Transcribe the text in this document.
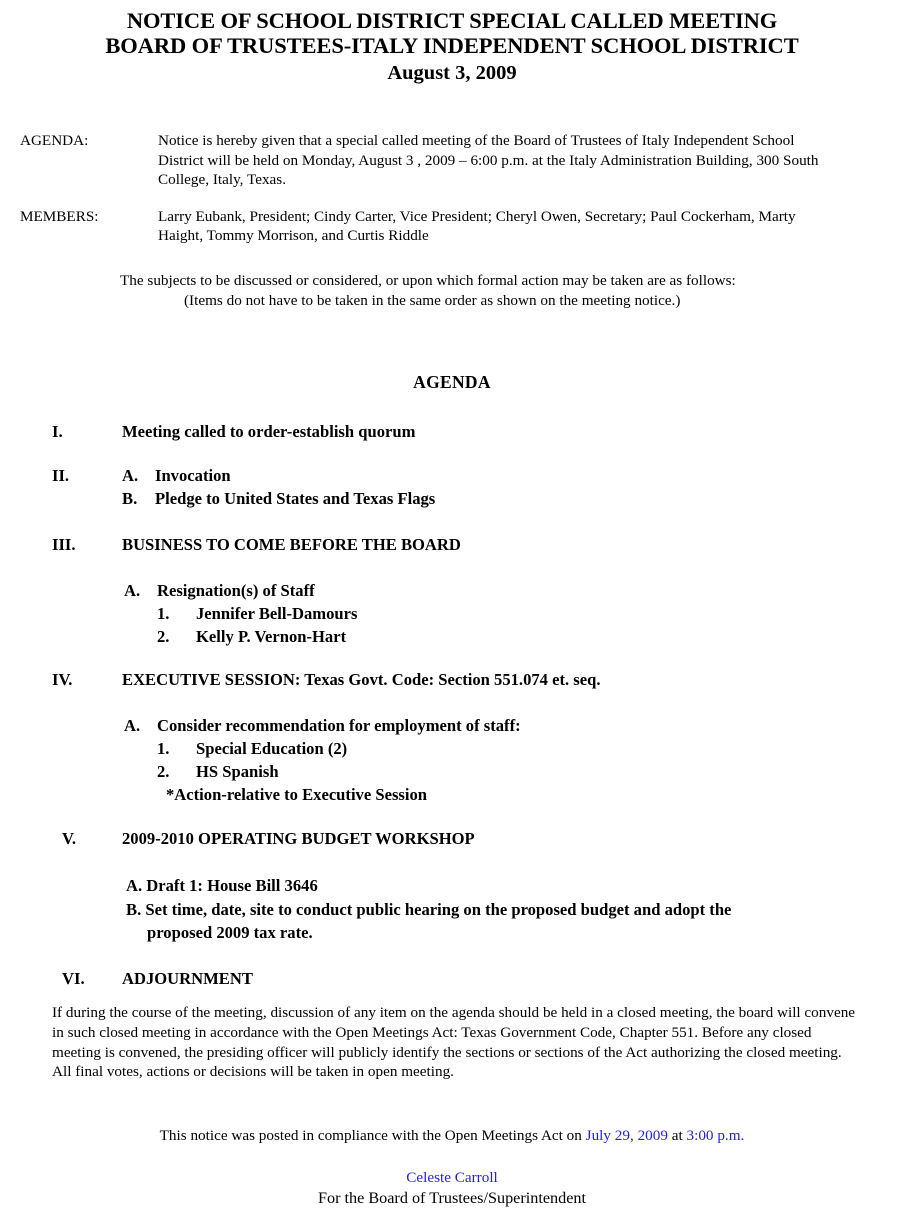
NOTICE OF SCHOOL DISTRICT SPECIAL CALLED MEETING
BOARD OF TRUSTEES-ITALY INDEPENDENT SCHOOL DISTRICT
August 3, 2009
AGENDA:	Notice is hereby given that a special called meeting of the Board of Trustees of Italy Independent School District will be held on Monday, August 3 , 2009 – 6:00 p.m. at the Italy Administration Building, 300 South College, Italy, Texas.
MEMBERS:	Larry Eubank, President; Cindy Carter, Vice President; Cheryl Owen, Secretary; Paul Cockerham, Marty Haight, Tommy Morrison, and Curtis Riddle
The subjects to be discussed or considered, or upon which formal action may be taken are as follows:
(Items do not have to be taken in the same order as shown on the meeting notice.)
AGENDA
I.	Meeting called to order-establish quorum
II.	A. Invocation
B. Pledge to United States and Texas Flags
III.	BUSINESS TO COME BEFORE THE BOARD
A. Resignation(s) of Staff
1. Jennifer Bell-Damours
2. Kelly P. Vernon-Hart
IV.	EXECUTIVE SESSION: Texas Govt. Code: Section 551.074 et. seq.
A. Consider recommendation for employment of staff:
1. Special Education (2)
2. HS Spanish
*Action-relative to Executive Session
V.	2009-2010 OPERATING BUDGET WORKSHOP
A. Draft 1: House Bill 3646
B. Set time, date, site to conduct public hearing on the proposed budget and adopt the
proposed 2009 tax rate.
VI. ADJOURNMENT
If during the course of the meeting, discussion of any item on the agenda should be held in a closed meeting, the board will convene in such closed meeting in accordance with the Open Meetings Act: Texas Government Code, Chapter 551. Before any closed meeting is convened, the presiding officer will publicly identify the sections or sections of the Act authorizing the closed meeting. All final votes, actions or decisions will be taken in open meeting.
This notice was posted in compliance with the Open Meetings Act on July 29, 2009 at 3:00 p.m.
Celeste Carroll
For the Board of Trustees/Superintendent
